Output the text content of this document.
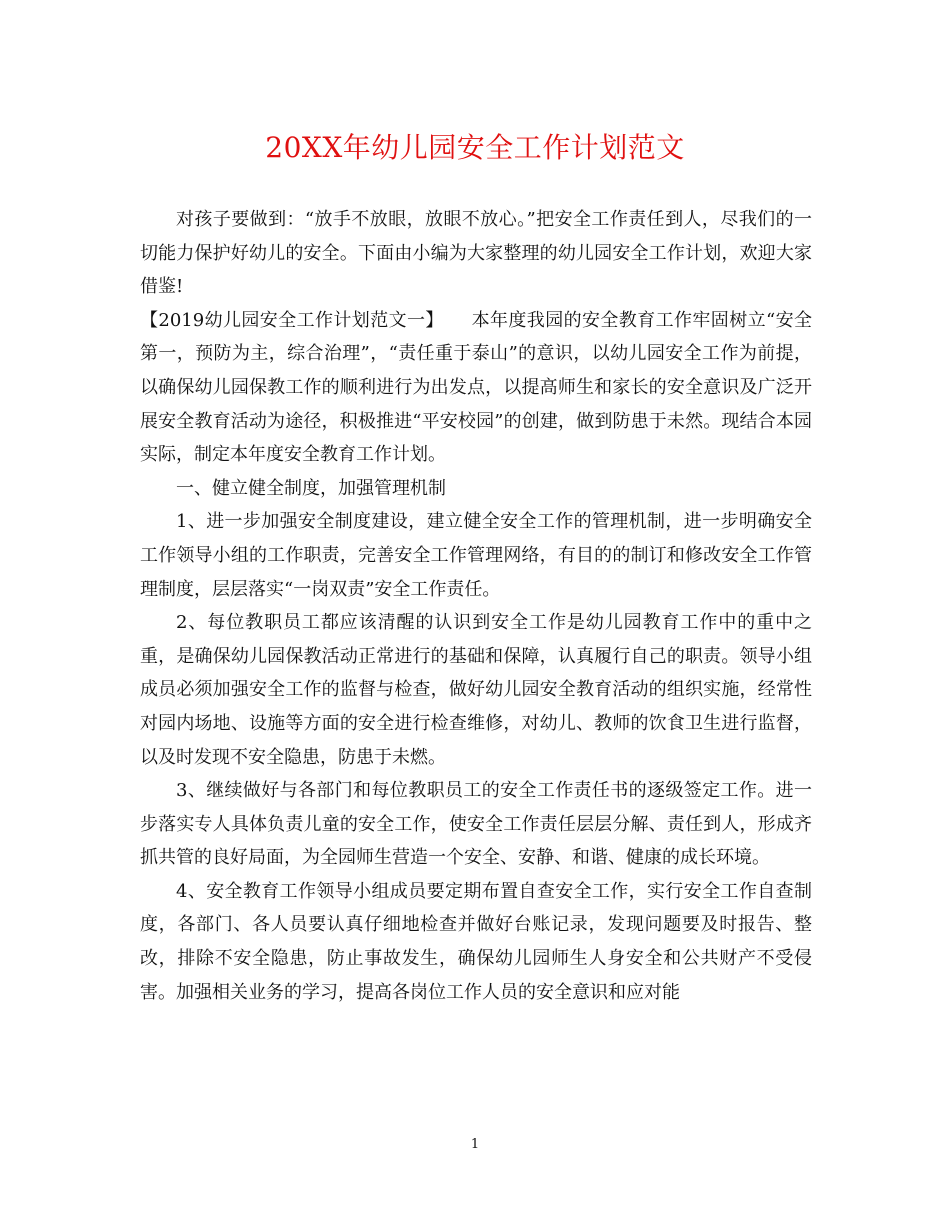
20XX年幼儿园安全工作计划范文

对孩子要做到：“放手不放眼，放眼不放心。”把安全工作责任到人，尽我们的一切能力保护好幼儿的安全。下面由小编为大家整理的幼儿园安全工作计划，欢迎大家借鉴!

【2019幼儿园安全工作计划范文一】　　本年度我园的安全教育工作牢固树立“安全第一，预防为主，综合治理”，“责任重于泰山”的意识，以幼儿园安全工作为前提，以确保幼儿园保教工作的顺利进行为出发点，以提高师生和家长的安全意识及广泛开展安全教育活动为途径，积极推进“平安校园”的创建，做到防患于未然。现结合本园实际，制定本年度安全教育工作计划。

一、健立健全制度，加强管理机制

1、进一步加强安全制度建设，建立健全安全工作的管理机制，进一步明确安全工作领导小组的工作职责，完善安全工作管理网络，有目的的制订和修改安全工作管理制度，层层落实“一岗双责”安全工作责任。

2、每位教职员工都应该清醒的认识到安全工作是幼儿园教育工作中的重中之重，是确保幼儿园保教活动正常进行的基础和保障，认真履行自己的职责。领导小组成员必须加强安全工作的监督与检查，做好幼儿园安全教育活动的组织实施，经常性对园内场地、设施等方面的安全进行检查维修，对幼儿、教师的饮食卫生进行监督，以及时发现不安全隐患，防患于未燃。

3、继续做好与各部门和每位教职员工的安全工作责任书的逐级签定工作。进一步落实专人具体负责儿童的安全工作，使安全工作责任层层分解、责任到人，形成齐抓共管的良好局面，为全园师生营造一个安全、安静、和谐、健康的成长环境。

4、安全教育工作领导小组成员要定期布置自查安全工作，实行安全工作自查制度，各部门、各人员要认真仔细地检查并做好台账记录，发现问题要及时报告、整改，排除不安全隐患，防止事故发生，确保幼儿园师生人身安全和公共财产不受侵害。加强相关业务的学习，提高各岗位工作人员的安全意识和应对能

1
